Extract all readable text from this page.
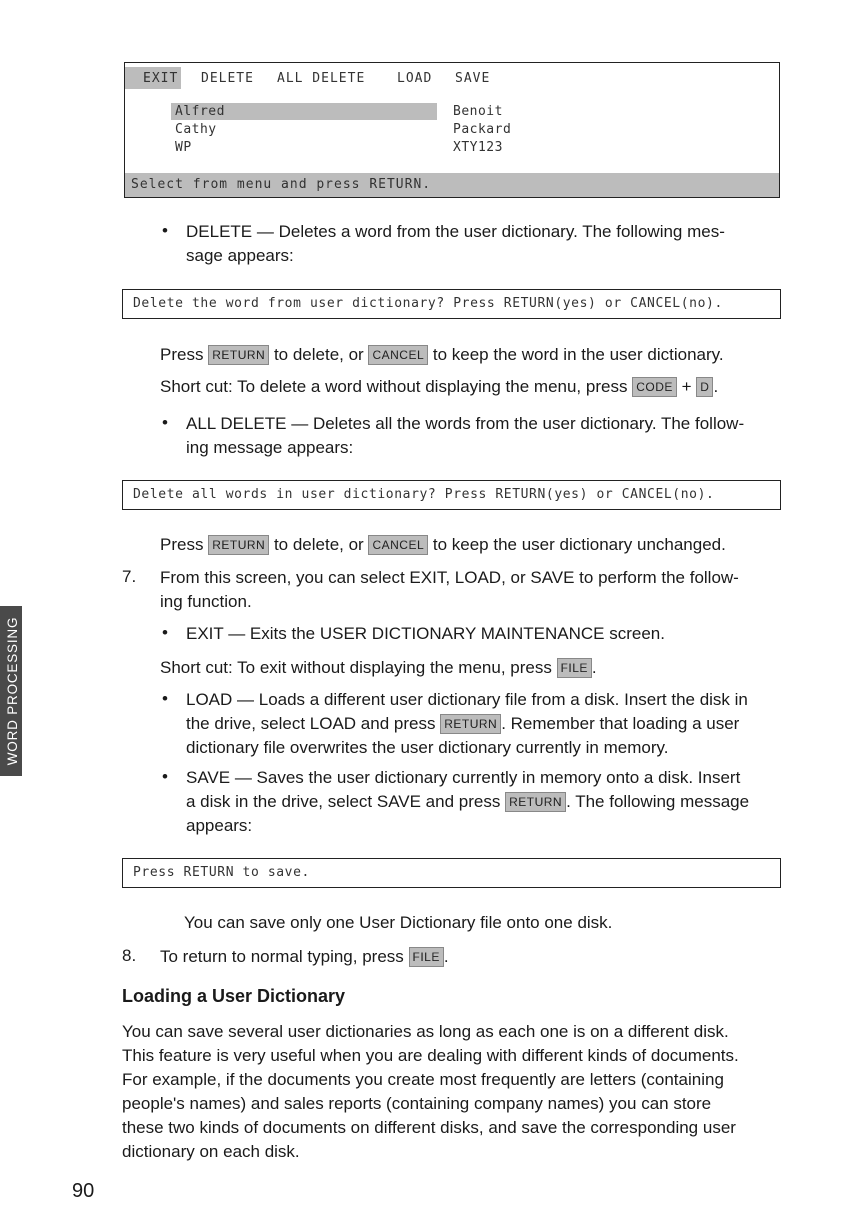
EXIT DELETE ALL DELETE LOAD SAVE
Alfred
Cathy
WP
Benoit
Packard
XTY123
Select from menu and press RETURN.
• DELETE — Deletes a word from the user dictionary. The following mes-
sage appears:
Delete the word from user dictionary? Press RETURN(yes) or CANCEL(no).
Press RETURN to delete, or CANCEL to keep the word in the user dictionary.
Short cut: To delete a word without displaying the menu, press CODE + D .
• ALL DELETE — Deletes all the words from the user dictionary. The follow-
ing message appears:
Delete all words in user dictionary? Press RETURN(yes) or CANCEL(no).
Press RETURN to delete, or CANCEL to keep the user dictionary unchanged.
7. From this screen, you can select EXIT, LOAD, or SAVE to perform the follow-
ing function.
• EXIT — Exits the USER DICTIONARY MAINTENANCE screen.
Short cut: To exit without displaying the menu, press FILE .
• LOAD — Loads a different user dictionary file from a disk. Insert the disk in
the drive, select LOAD and press RETURN . Remember that loading a user
dictionary file overwrites the user dictionary currently in memory.
• SAVE — Saves the user dictionary currently in memory onto a disk. Insert
a disk in the drive, select SAVE and press RETURN . The following message
appears:
Press RETURN to save.
You can save only one User Dictionary file onto one disk.
8. To return to normal typing, press FILE .
Loading a User Dictionary
You can save several user dictionaries as long as each one is on a different disk.
This feature is very useful when you are dealing with different kinds of documents.
For example, if the documents you create most frequently are letters (containing
people's names) and sales reports (containing company names) you can store
these two kinds of documents on different disks, and save the corresponding user
dictionary on each disk.
WORD PROCESSING
90
